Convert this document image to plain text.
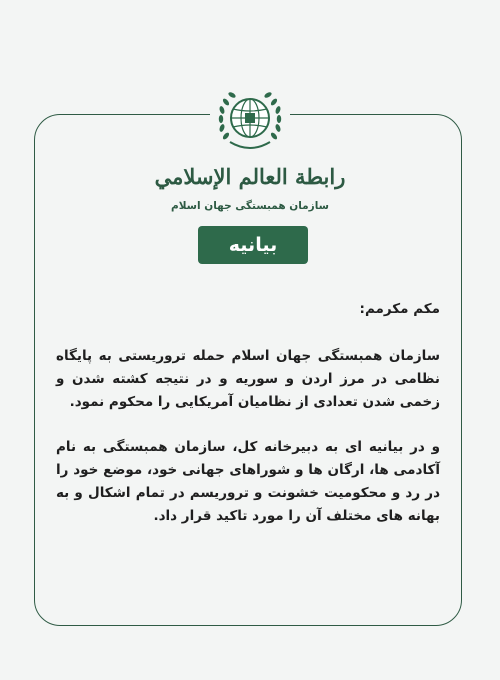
رابطة العالم الإسلامي
سازمان همبستگی جهان اسلام
بیانیه

مکم مکرمم:

سازمان همبستگی جهان اسلام حمله تروریستی به پایگاه نظامی در مرز اردن و سوریه و در نتیجه کشته شدن و زخمی شدن تعدادی از نظامیان آمریکایی را محکوم نمود.

و در بیانیه ای به دبیرخانه کل، سازمان همبستگی به نام آکادمی ها، ارگان ها و شوراهای جهانی خود، موضع خود را در رد و محکومیت خشونت و تروریسم در تمام اشکال و به بهانه های مختلف آن را مورد تاکید قرار داد.
